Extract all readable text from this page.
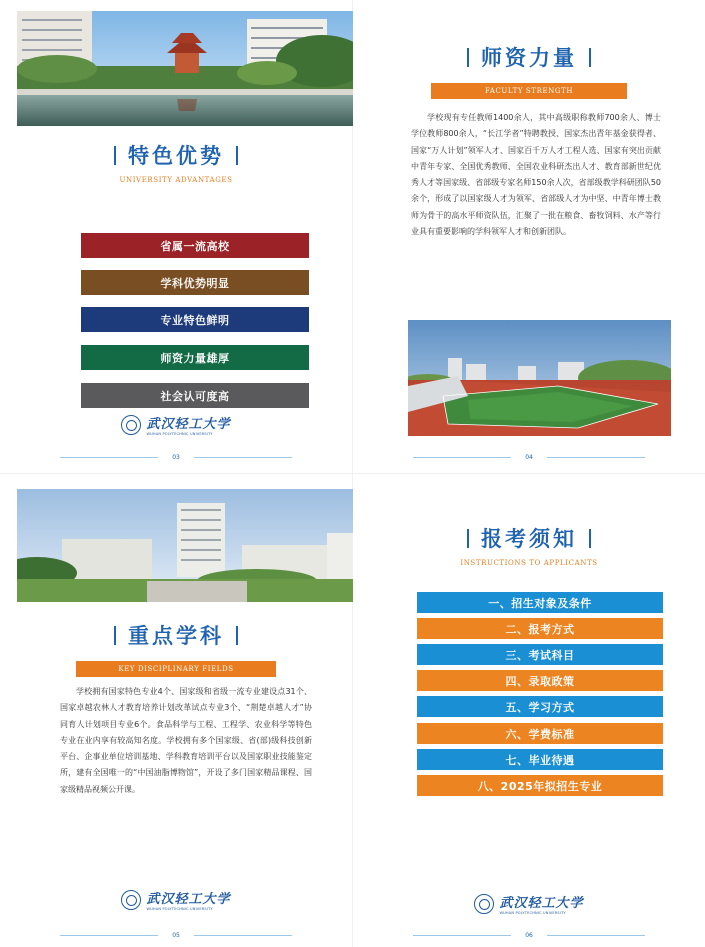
特色优势
UNIVERSITY ADVANTAGES
省属一流高校
学科优势明显
专业特色鲜明
师资力量雄厚
社会认可度高
武汉轻工大学
WUHAN POLYTECHNIC UNIVERSITY
03
师资力量
FACULTY STRENGTH
学校现有专任教师1400余人，其中高级职称教师700余人、博士学位教师800余人，“长江学者”特聘教授、国家杰出青年基金获得者、国家“万人计划”领军人才、国家百千万人才工程人选、国家有突出贡献中青年专家、全国优秀教师、全国农业科研杰出人才、教育部新世纪优秀人才等国家级、省部级专家名师150余人次，省部级教学科研团队50余个，形成了以国家级人才为领军、省部级人才为中坚、中青年博士教师为骨干的高水平师资队伍，汇聚了一批在粮食、畜牧饲料、水产等行业具有重要影响的学科领军人才和创新团队。
04
重点学科
KEY DISCIPLINARY FIELDS
学校拥有国家特色专业4个、国家级和省级一流专业建设点31个、国家卓越农林人才教育培养计划改革试点专业3个、“荆楚卓越人才”协同育人计划项目专业6个。食品科学与工程、工程学、农业科学等特色专业在业内享有较高知名度。学校拥有多个国家级、省(部)级科技创新平台、企事业单位培训基地、学科教育培训平台以及国家职业技能鉴定所，建有全国唯一的“中国油脂博物馆”，开设了多门国家精品课程、国家级精品视频公开课。
武汉轻工大学
WUHAN POLYTECHNIC UNIVERSITY
05
报考须知
INSTRUCTIONS TO APPLICANTS
一、招生对象及条件
二、报考方式
三、考试科目
四、录取政策
五、学习方式
六、学费标准
七、毕业待遇
八、2025年拟招生专业
武汉轻工大学
WUHAN POLYTECHNIC UNIVERSITY
06
